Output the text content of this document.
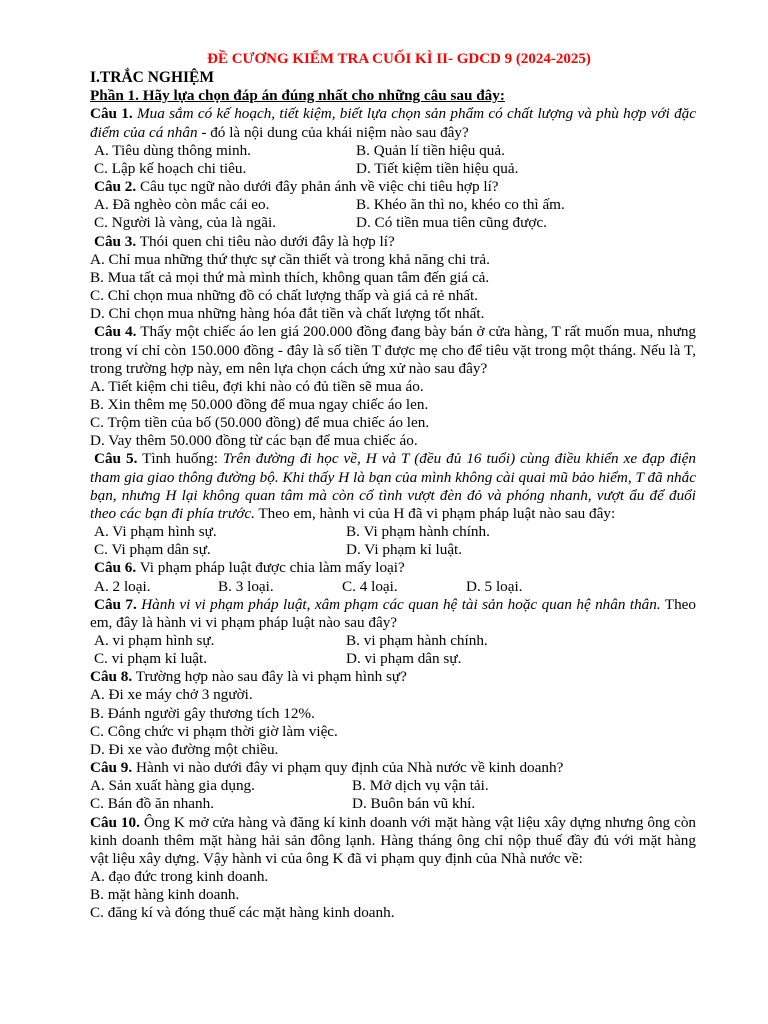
ĐỀ CƯƠNG KIỂM TRA CUỐI KÌ II- GDCD 9 (2024-2025)
I.TRẮC NGHIỆM
Phần 1. Hãy lựa chọn đáp án đúng nhất cho những câu sau đây:
Câu 1. Mua sắm có kế hoạch, tiết kiệm, biết lựa chọn sản phẩm có chất lượng và phù hợp với đặc điểm của cá nhân - đó là nội dung của khái niệm nào sau đây?
A. Tiêu dùng thông minh.	B. Quản lí tiền hiệu quả.
C. Lập kế hoạch chi tiêu.	D. Tiết kiệm tiền hiệu quả.
Câu 2. Câu tục ngữ nào dưới đây phản ánh về việc chi tiêu hợp lí?
A. Đã nghèo còn mắc cái eo.	B. Khéo ăn thì no, khéo co thì ấm.
C. Người là vàng, của là ngãi.	D. Có tiền mua tiên cũng được.
Câu 3. Thói quen chi tiêu nào dưới đây là hợp lí?
A. Chỉ mua những thứ thực sự cần thiết và trong khả năng chi trả.
B. Mua tất cả mọi thứ mà mình thích, không quan tâm đến giá cả.
C. Chỉ chọn mua những đồ có chất lượng thấp và giá cả rẻ nhất.
D. Chỉ chọn mua những hàng hóa đắt tiền và chất lượng tốt nhất.
Câu 4. Thấy một chiếc áo len giá 200.000 đồng đang bày bán ở cửa hàng, T rất muốn mua, nhưng trong ví chỉ còn 150.000 đồng - đây là số tiền T được mẹ cho để tiêu vặt trong một tháng. Nếu là T, trong trường hợp này, em nên lựa chọn cách ứng xử nào sau đây?
A. Tiết kiệm chi tiêu, đợi khi nào có đủ tiền sẽ mua áo.
B. Xin thêm mẹ 50.000 đồng để mua ngay chiếc áo len.
C. Trộm tiền của bố (50.000 đồng) để mua chiếc áo len.
D. Vay thêm 50.000 đồng từ các bạn để mua chiếc áo.
Câu 5. Tình huống: Trên đường đi học về, H và T (đều đủ 16 tuổi) cùng điều khiển xe đạp điện tham gia giao thông đường bộ. Khi thấy H là bạn của mình không cài quai mũ bảo hiểm, T đã nhắc bạn, nhưng H lại không quan tâm mà còn cố tình vượt đèn đỏ và phóng nhanh, vượt ẩu để đuổi theo các bạn đi phía trước. Theo em, hành vi của H đã vi phạm pháp luật nào sau đây:
A. Vi phạm hình sự.	B. Vi phạm hành chính.
C. Vi phạm dân sự.	D. Vi phạm kỉ luật.
Câu 6. Vi phạm pháp luật được chia làm mấy loại?
A. 2 loại.	B. 3 loại.	C. 4 loại.	D. 5 loại.
Câu 7. Hành vi vi phạm pháp luật, xâm phạm các quan hệ tài sản hoặc quan hệ nhân thân. Theo em, đây là hành vi vi phạm pháp luật nào sau đây?
A. vi phạm hình sự.	B. vi phạm hành chính.
C. vi phạm kỉ luật.	D. vi phạm dân sự.
Câu 8. Trường hợp nào sau đây là vi phạm hình sự?
A. Đi xe máy chở 3 người.
B. Đánh người gây thương tích 12%.
C. Công chức vi phạm thời giờ làm việc.
D. Đi xe vào đường một chiều.
Câu 9. Hành vi nào dưới đây vi phạm quy định của Nhà nước về kinh doanh?
A. Sản xuất hàng gia dụng.	B. Mở dịch vụ vận tải.
C. Bán đồ ăn nhanh.	D. Buôn bán vũ khí.
Câu 10. Ông K mở cửa hàng và đăng kí kinh doanh với mặt hàng vật liệu xây dựng nhưng ông còn kinh doanh thêm mặt hàng hải sản đông lạnh. Hàng tháng ông chỉ nộp thuế đầy đủ với mặt hàng vật liệu xây dựng. Vậy hành vi của ông K đã vi phạm quy định của Nhà nước về:
A. đạo đức trong kinh doanh.
B. mặt hàng kinh doanh.
C. đăng kí và đóng thuế các mặt hàng kinh doanh.
